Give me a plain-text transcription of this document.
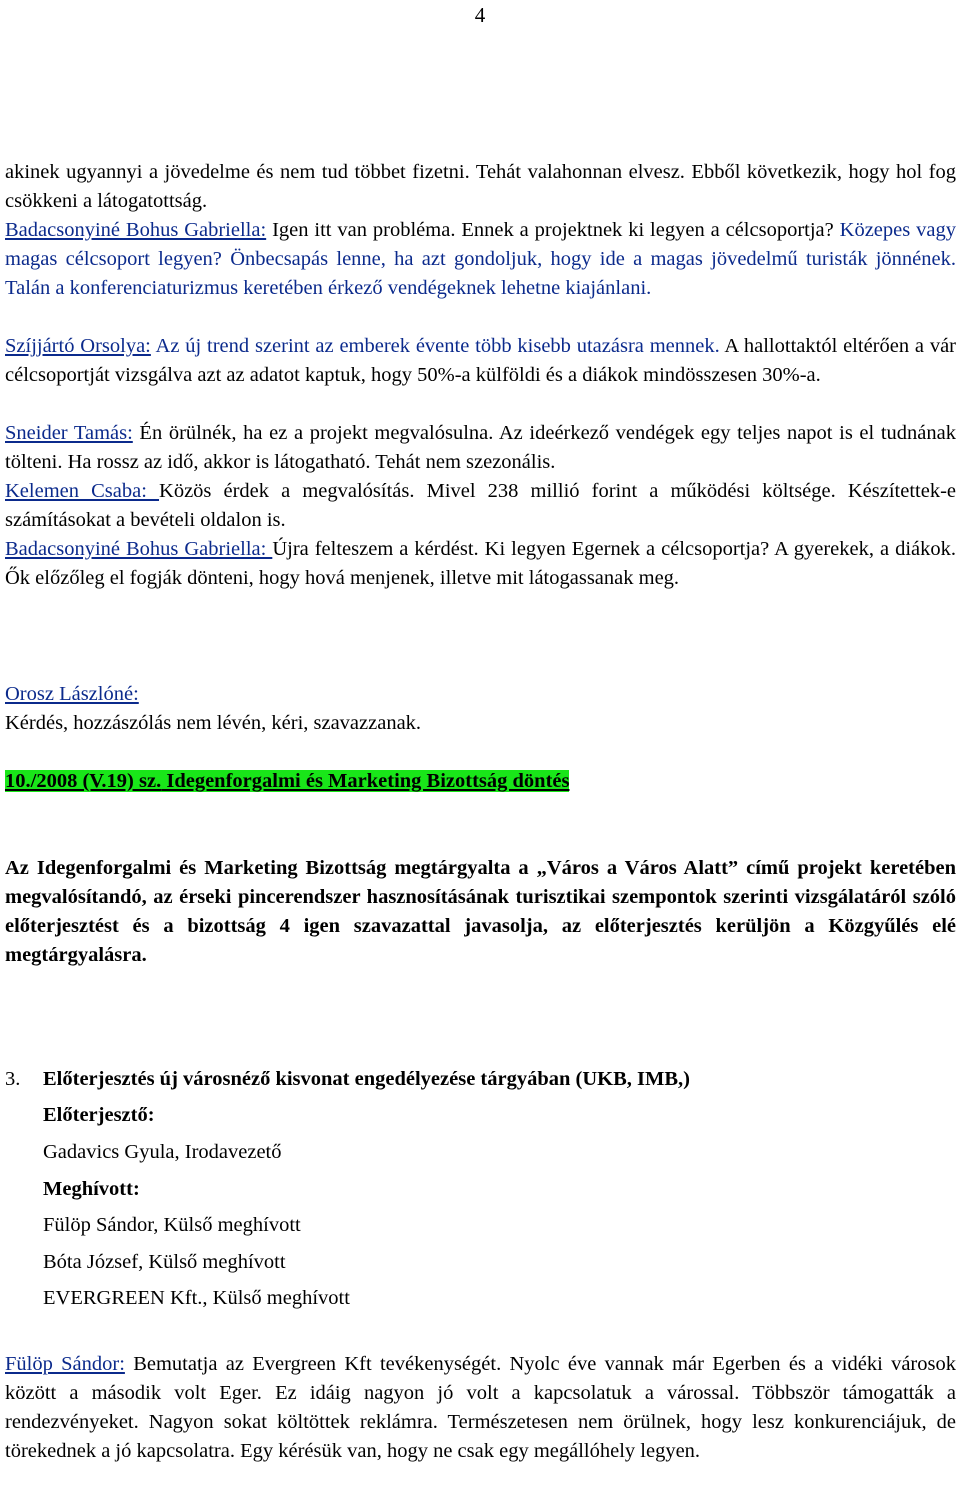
4

akinek ugyannyi a jövedelme és nem tud többet fizetni. Tehát valahonnan elvesz. Ebből következik, hogy hol fog csökkeni a látogatottság.

Badacsonyiné Bohus Gabriella: Igen itt van probléma. Ennek a projektnek ki legyen a célcsoportja? Közepes vagy magas célcsoport legyen? Önbecsapás lenne, ha azt gondoljuk, hogy ide a magas jövedelmű turisták jönnének. Talán a konferenciaturizmus keretében érkező vendégeknek lehetne kiajánlani.

Szíjjártó Orsolya: Az új trend szerint az emberek évente több kisebb utazásra mennek. A hallottaktól eltérően a vár célcsoportját vizsgálva azt az adatot kaptuk, hogy 50%-a külföldi és a diákok mindösszesen 30%-a.

Sneider Tamás: Én örülnék, ha ez a projekt megvalósulna. Az ideérkező vendégek egy teljes napot is el tudnának tölteni. Ha rossz az idő, akkor is látogatható. Tehát nem szezonális.

Kelemen Csaba: Közös érdek a megvalósítás. Mivel 238 millió forint a működési költsége. Készítettek-e számításokat a bevételi oldalon is.

Badacsonyiné Bohus Gabriella: Újra felteszem a kérdést. Ki legyen Egernek a célcsoportja? A gyerekek, a diákok. Ők előzőleg el fogják dönteni, hogy hová menjenek, illetve mit látogassanak meg.

Orosz Lászlóné:
Kérdés, hozzászólás nem lévén, kéri, szavazzanak.
10./2008 (V.19) sz. Idegenforgalmi és Marketing Bizottság döntés

Az Idegenforgalmi és Marketing Bizottság megtárgyalta a „Város a Város Alatt” című projekt keretében megvalósítandó, az érseki pincerendszer hasznosításának turisztikai szempontok szerinti vizsgálatáról szóló előterjesztést és a bizottság 4 igen szavazattal javasolja, az előterjesztés kerüljön a Közgyűlés elé megtárgyalásra.

3. Előterjesztés új városnéző kisvonat engedélyezése tárgyában (UKB, IMB,)
Előterjesztő:
Gadavics Gyula, Irodavezető
Meghívott:
Fülöp Sándor, Külső meghívott
Bóta József, Külső meghívott
EVERGREEN Kft., Külső meghívott

Fülöp Sándor: Bemutatja az Evergreen Kft tevékenységét. Nyolc éve vannak már Egerben és a vidéki városok között a második volt Eger. Ez idáig nagyon jó volt a kapcsolatuk a várossal. Többször támogatták a rendezvényeket. Nagyon sokat költöttek reklámra. Természetesen nem örülnek, hogy lesz konkurenciájuk, de törekednek a jó kapcsolatra. Egy kérésük van, hogy ne csak egy megállóhely legyen.
